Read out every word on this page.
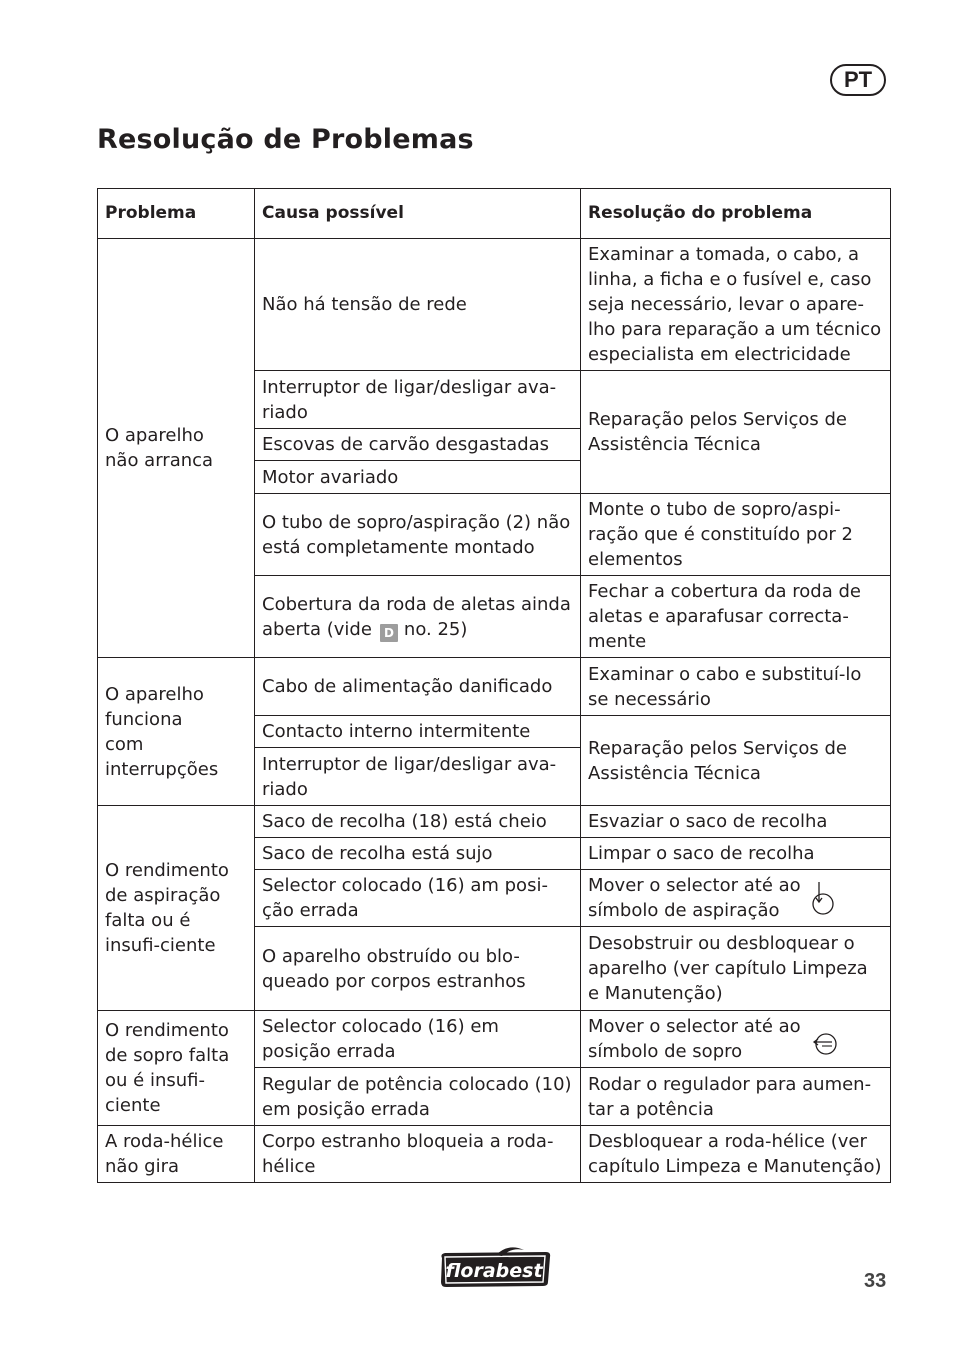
PT
Resolução de Problemas
Problema	Causa possível	Resolução do problema
O aparelho não arranca	Não há tensão de rede	Examinar a tomada, o cabo, a linha, a ficha e o fusível e, caso seja necessário, levar o apare-lho para reparação a um técnico especialista em electricidade
	Interruptor de ligar/desligar ava-riado	Reparação pelos Serviços de Assistência Técnica
	Escovas de carvão desgastadas	
	Motor avariado	
	O tubo de sopro/aspiração (2) não está completamente montado	Monte o tubo de sopro/aspi-ração que é constituído por 2 elementos
	Cobertura da roda de aletas ainda aberta (vide D no. 25)	Fechar a cobertura da roda de aletas e aparafusar correcta-mente
O aparelho funciona com interrupções	Cabo de alimentação danificado	Examinar o cabo e substituí-lo se necessário
	Contacto interno intermitente	Reparação pelos Serviços de Assistência Técnica
	Interruptor de ligar/desligar ava-riado	
O rendimento de aspiração falta ou é insufi-ciente	Saco de recolha (18) está cheio	Esvaziar o saco de recolha
	Saco de recolha está sujo	Limpar o saco de recolha
	Selector colocado (16) am posi-ção errada	Mover o selector até ao símbolo de aspiração

	O aparelho obstruído ou blo-queado por corpos estranhos	Desobstruir ou desbloquear o aparelho (ver capítulo Limpeza e Manutenção)
O rendimento de sopro falta ou é insufi-ciente	Selector colocado (16) em posição errada	Mover o selector até ao símbolo de sopro

	Regular de potência colocado (10) em posição errada	Rodar o regulador para aumen-tar a potência
A roda-hélice não gira	Corpo estranho bloqueia a roda-hélice	Desbloquear a roda-hélice (ver capítulo Limpeza e Manutenção)
florabest	33
